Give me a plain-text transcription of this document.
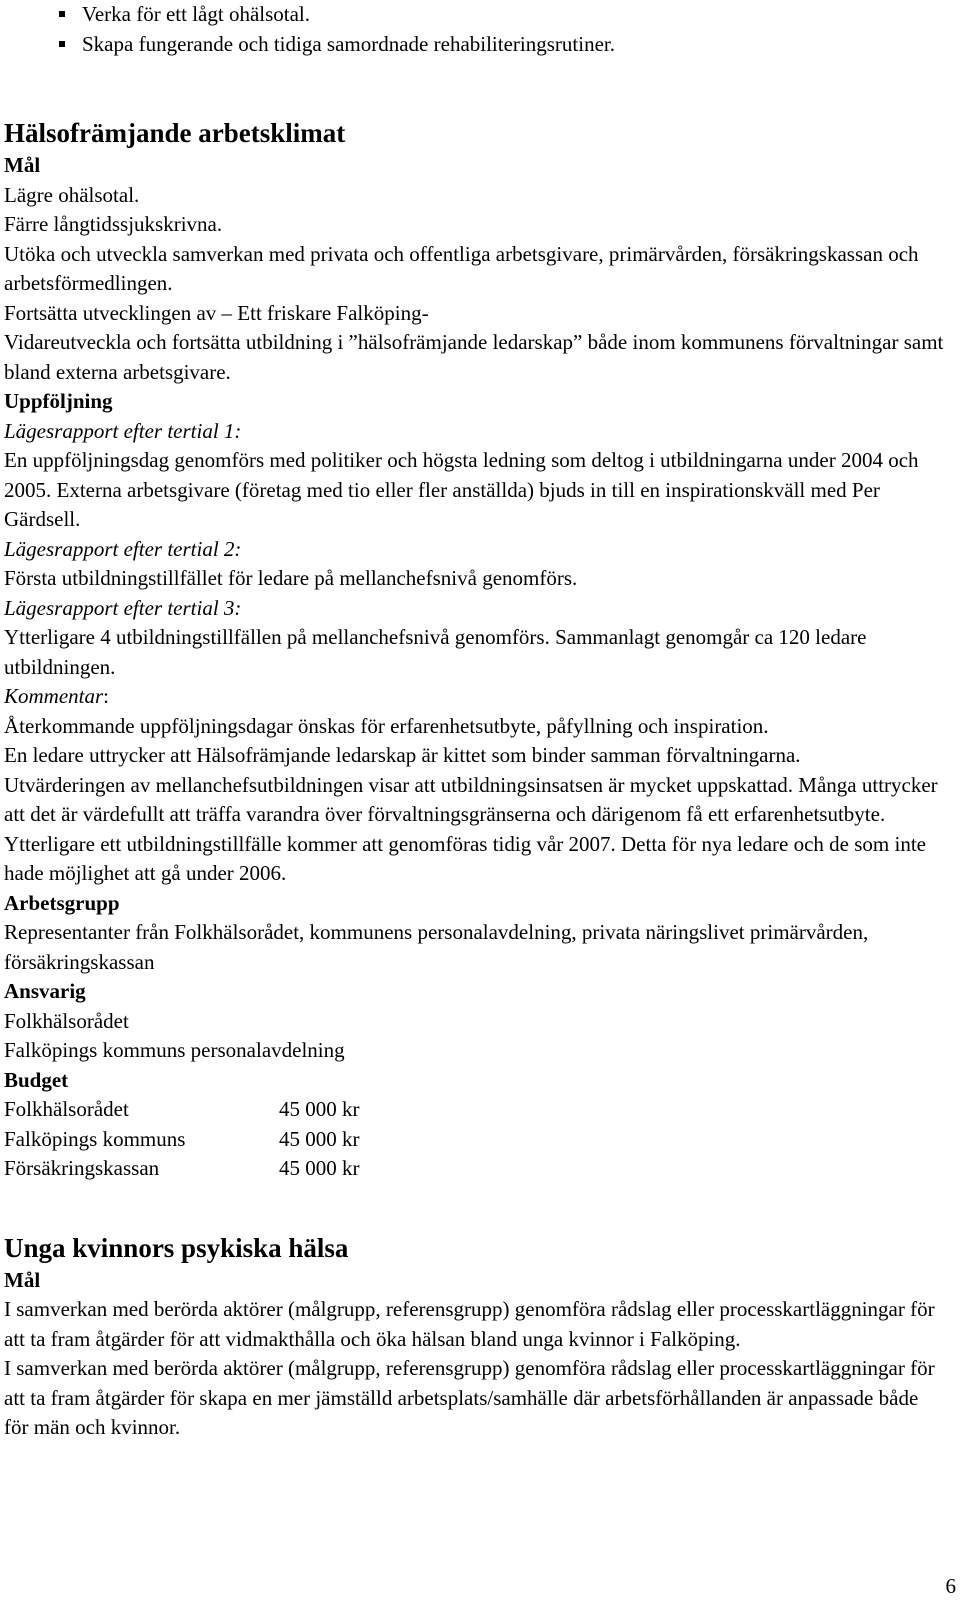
Verka för ett lågt ohälsotal.
Skapa fungerande och tidiga samordnade rehabiliteringsrutiner.
Hälsofrämjande arbetsklimat
Mål

Lägre ohälsotal.

Färre långtidssjukskrivna.

Utöka och utveckla samverkan med privata och offentliga arbetsgivare, primärvården, försäkringskassan och arbetsförmedlingen.

Fortsätta utvecklingen av – Ett friskare Falköping-

Vidareutveckla och fortsätta utbildning i ”hälsofrämjande ledarskap” både inom kommunens förvaltningar samt bland externa arbetsgivare.

Uppföljning
Lägesrapport efter tertial 1:

En uppföljningsdag genomförs med politiker och högsta ledning som deltog i utbildningarna under 2004 och 2005. Externa arbetsgivare (företag med tio eller fler anställda) bjuds in till en inspirationskväll med Per Gärdsell.

Lägesrapport efter tertial 2:

Första utbildningstillfället för ledare på mellanchefsnivå genomförs.

Lägesrapport efter tertial 3:

Ytterligare 4 utbildningstillfällen på mellanchefsnivå genomförs. Sammanlagt genomgår ca 120 ledare utbildningen.

Kommentar:

Återkommande uppföljningsdagar önskas för erfarenhetsutbyte, påfyllning och inspiration.

En ledare uttrycker att Hälsofrämjande ledarskap är kittet som binder samman förvaltningarna.

Utvärderingen av mellanchefsutbildningen visar att utbildningsinsatsen är mycket uppskattad. Många uttrycker att det är värdefullt att träffa varandra över förvaltningsgränserna och därigenom få ett erfarenhetsutbyte. Ytterligare ett utbildningstillfälle kommer att genomföras tidig vår 2007. Detta för nya ledare och de som inte hade möjlighet att gå under 2006.

Arbetsgrupp

Representanter från Folkhälsorådet, kommunens personalavdelning, privata näringslivet primärvården, försäkringskassan

Ansvarig

Folkhälsorådet

Falköpings kommuns personalavdelning

Budget
Folkhälsorådet	45 000 kr
Falköpings kommuns	45 000 kr
Försäkringskassan	45 000 kr
Unga kvinnors psykiska hälsa
Mål

I samverkan med berörda aktörer (målgrupp, referensgrupp) genomföra rådslag eller processkartläggningar för att ta fram åtgärder för att vidmakthålla och öka hälsan bland unga kvinnor i Falköping.

I samverkan med berörda aktörer (målgrupp, referensgrupp) genomföra rådslag eller processkartläggningar för att ta fram åtgärder för skapa en mer jämställd arbetsplats/samhälle där arbetsförhållanden är anpassade både för män och kvinnor.

6
